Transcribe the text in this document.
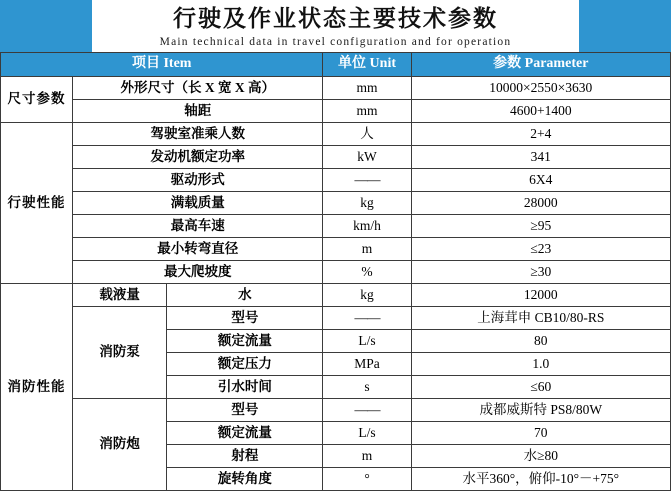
行驶及作业状态主要技术参数
Main technical data in travel configuration and for operation
项目 Item			单位 Unit	参数 Parameter
尺寸参数	外形尺寸（长 X 宽 X 高）		mm	10000×2550×3630
	轴距		mm	4600+1400
行驶性能	驾驶室准乘人数		人	2+4
	发动机额定功率		kW	341
	驱动形式		——	6X4
	满载质量		kg	28000
	最高车速		km/h	≥95
	最小转弯直径		m	≤23
	最大爬坡度		%	≥30
消防性能	载液量	水	kg	12000
	消防泵	型号	——	上海茸申 CB10/80-RS
		额定流量	L/s	80
		额定压力	MPa	1.0
		引水时间	s	≤60
	消防炮	型号	——	成都威斯特 PS8/80W
		额定流量	L/s	70
		射程	m	水≥80
		旋转角度	°	水平360°，俯仰-10°－+75°
